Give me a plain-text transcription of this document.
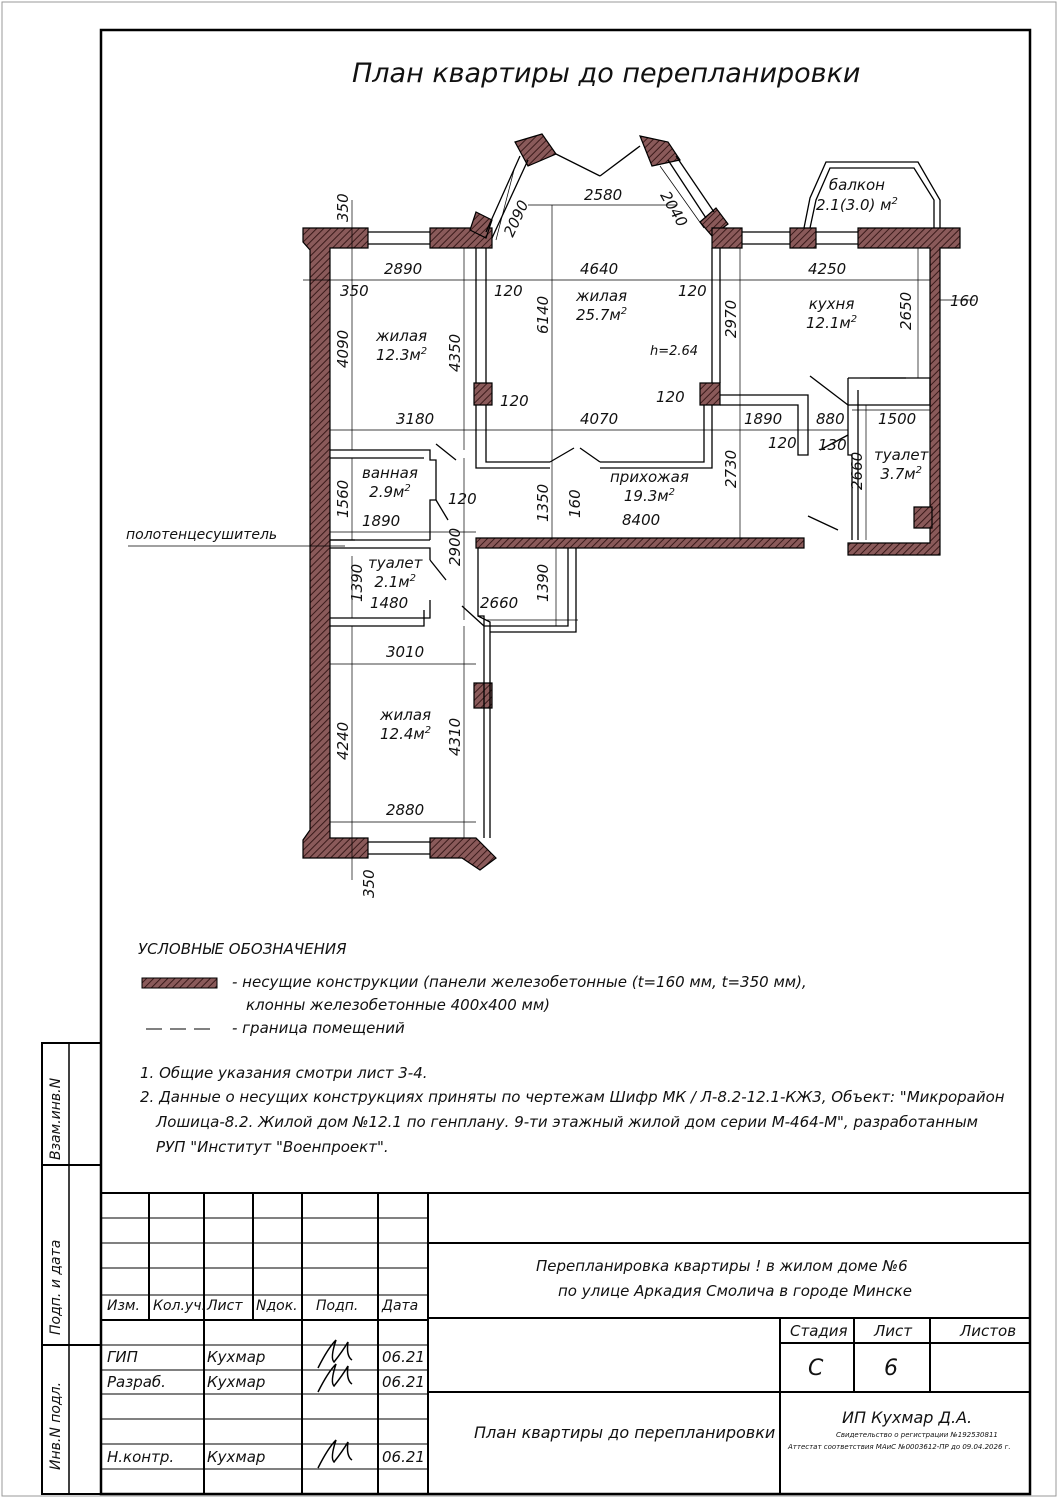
План квартиры до перепланировки
жилая
$25.7м^2$
h=2.64
жилая
$12.3м^2$
кухня
$12.1м^2$
балкон
2.1(3.0) $м^2$
ванная
$2.9м^2$
туалет
$2.1м^2$
прихожая
$19.3м^2$
туалет
$3.7м^2$
жилая
$12.4м^2$
полотенцесушитель
2580
2890	4640	4250
350	120	120
160
120	120
1890 880 1500
3180	4070
120 130
1890
120
8400
1480	2660
3010
2880
350	2090	2040
4090	4350
6140	2970	2650
2730	2660
1560	1350 160
2900
1390	1390
4240	4310
350
УСЛОВНЫЕ ОБОЗНАЧЕНИЯ
- несущие конструкции (панели железобетонные (t=160 мм, t=350 мм),
клонны железобетонные 400х400 мм)
- граница помещений
1. Общие указания смотри лист 3-4.
2. Данные о несущих конструкциях приняты по чертежам Шифр МК / Л-8.2-12.1-КЖ3, Объект: "Микрорайон
Лошица-8.2. Жилой дом №12.1 по генплану. 9-ти этажный жилой дом серии М-464-М", разработанным
РУП "Институт "Военпроект".
Взам.инв.N
Подп. и дата
Инв.N подл.
Изм. Кол.уч. Лист Nдок. Подп. Дата
ГИП	Кухмар	06.21
Разраб.	Кухмар	06.21
Н.контр. Кухмар	06.21
Перепланировка квартиры ! в жилом доме №6
по улице Аркадия Смолича в городе Минске
Стадия Лист	Листов
С	6
План квартиры до перепланировки
ИП Кухмар Д.А.
Свидетельство о регистрации №192530811
Аттестат соответствия МАиС №0003612-ПР до 09.04.2026 г.
